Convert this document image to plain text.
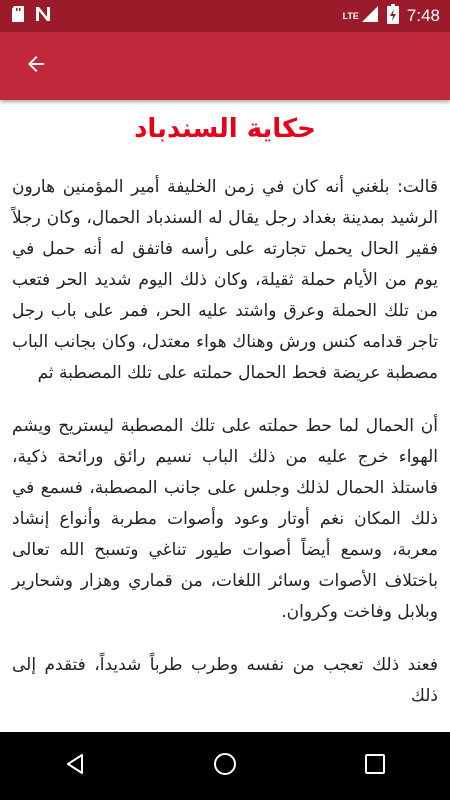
LTE	7:48
حكاية السندباد

قالت: بلغني أنه كان في زمن الخليفة أمير المؤمنين هارون الرشيد بمدينة بغداد رجل يقال له السندباد الحمال، وكان رجلاً فقير الحال يحمل تجارته على رأسه فاتفق له أنه حمل في يوم من الأيام حملة ثقيلة، وكان ذلك اليوم شديد الحر فتعب من تلك الحملة وعرق واشتد عليه الحر، فمر على باب رجل تاجر قدامه كنس ورش وهناك هواء معتدل، وكان بجانب الباب مصطبة عريضة فحط الحمال حملته على تلك المصطبة ثم

أن الحمال لما حط حملته على تلك المصطبة ليستريح ويشم الهواء خرج عليه من ذلك الباب نسيم رائق ورائحة ذكية، فاستلذ الحمال لذلك وجلس على جانب المصطبة، فسمع في ذلك المكان نغم أوتار وعود وأصوات مطربة وأنواع إنشاد معربة، وسمع أيضاً أصوات طيور تناغي وتسبح الله تعالى باختلاف الأصوات وسائر اللغات، من قماري وهزار وشحارير وبلابل وفاخت وكروان.

فعند ذلك تعجب من نفسه وطرب طرباً شديداً، فتقدم إلى ذلك
